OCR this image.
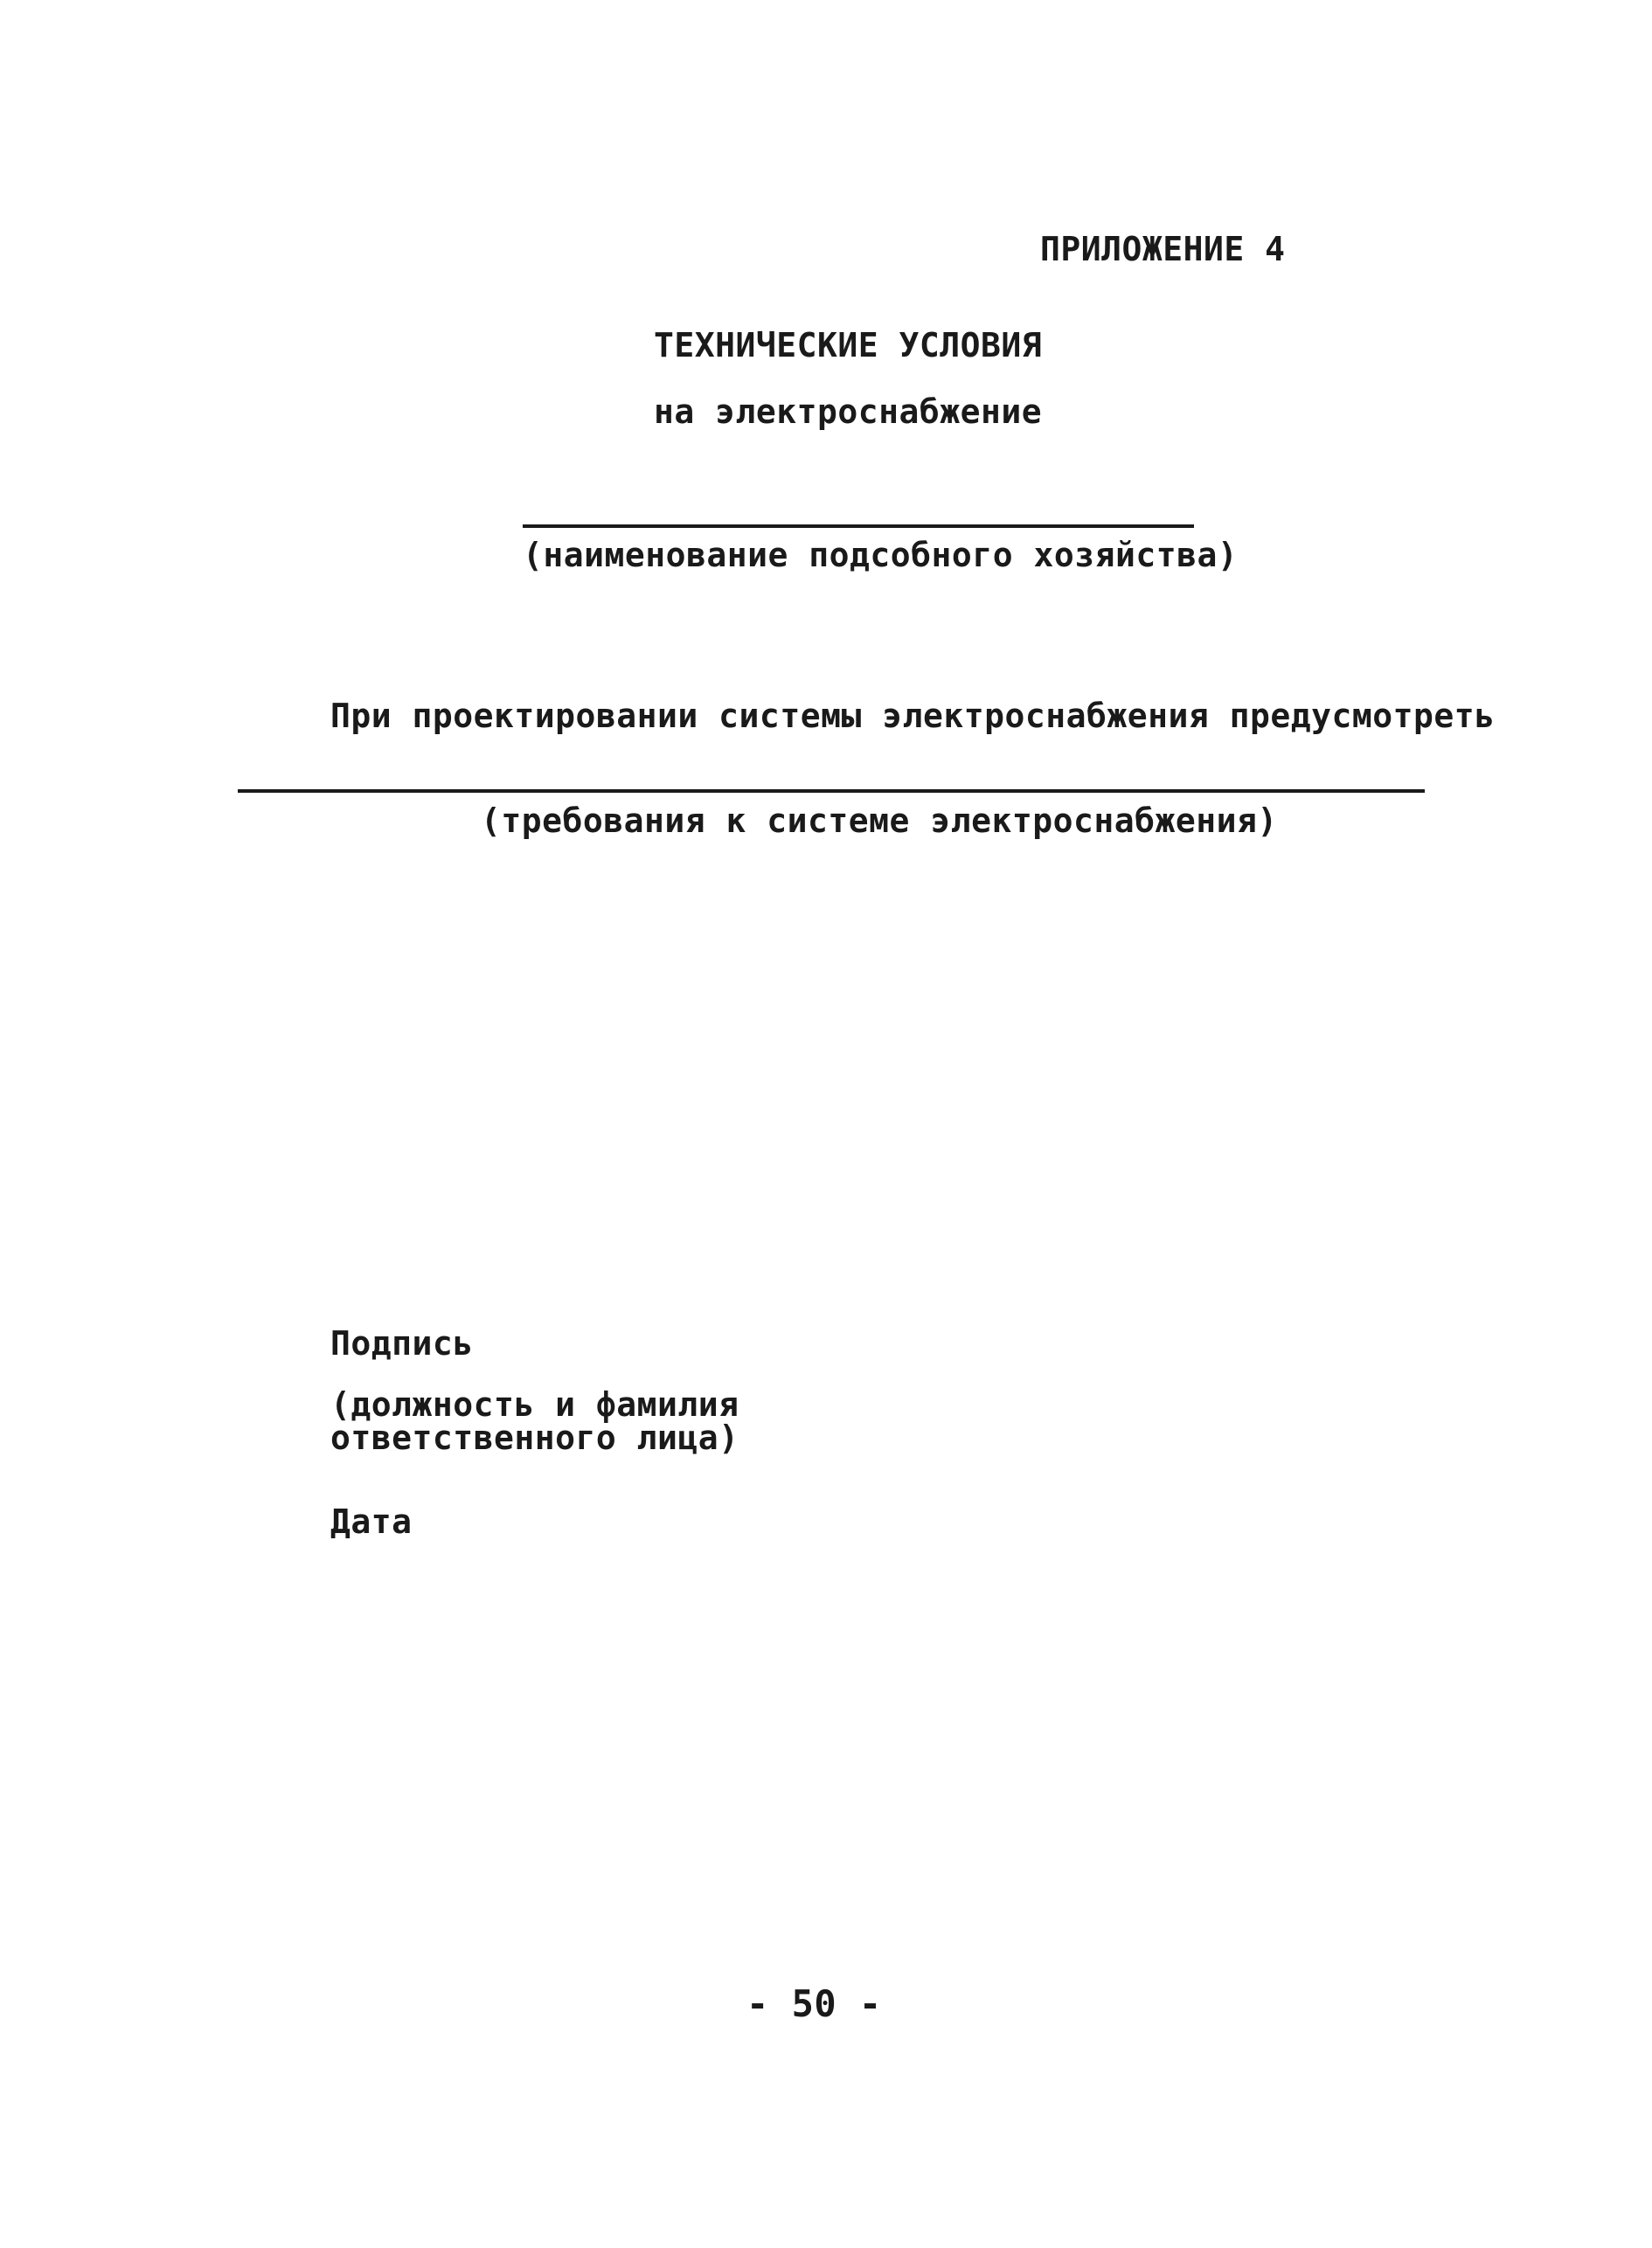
ПРИЛОЖЕНИЕ 4
ТЕХНИЧЕСКИЕ УСЛОВИЯ
на электроснабжение
(наименование подсобного хозяйства)
При проектировании системы электроснабжения предусмотреть
(требования к системе электроснабжения)
Подпись
(должность и фамилия
ответственного лица)
Дата
- 50 -
